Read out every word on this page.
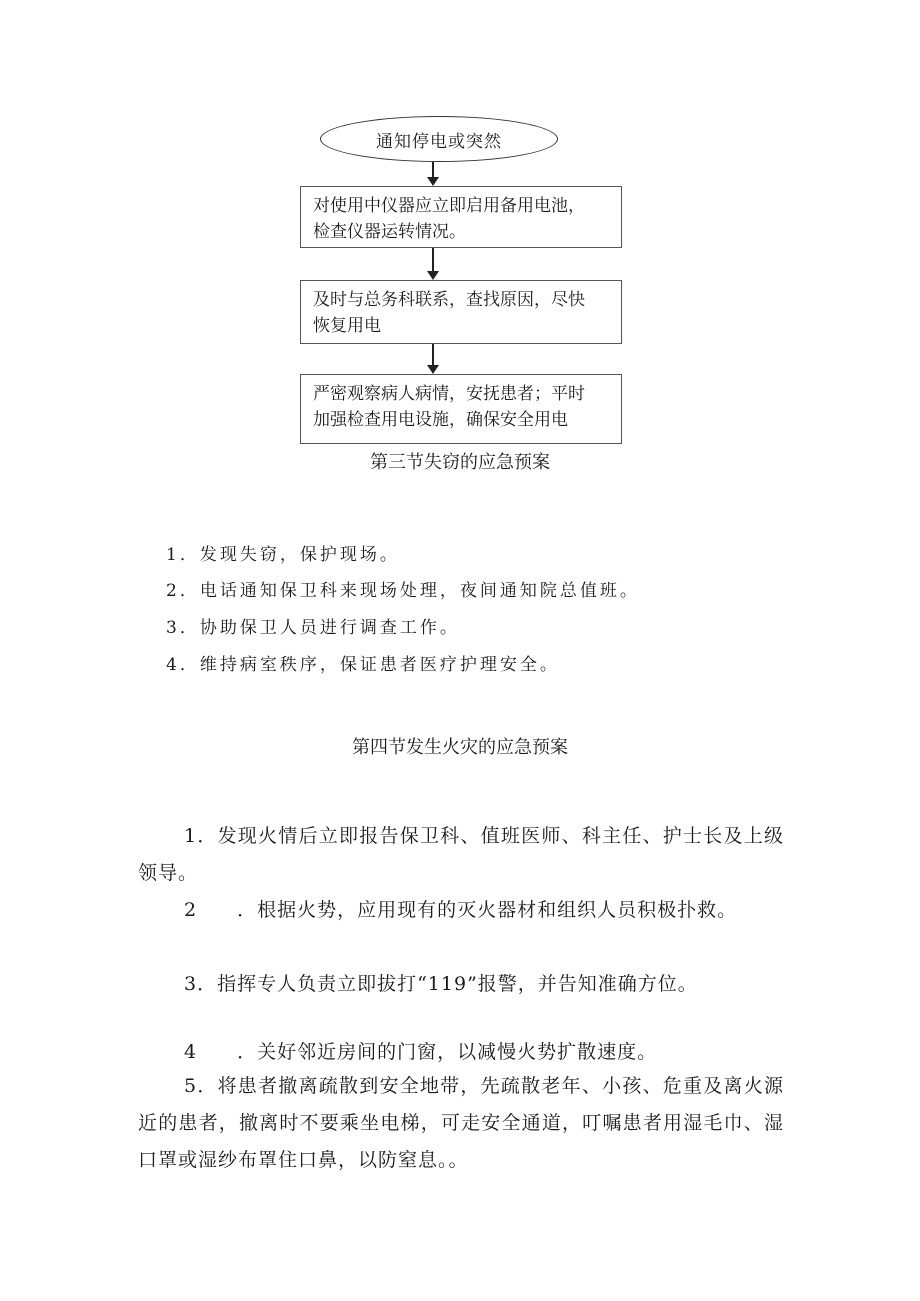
通知停电或突然
对使用中仪器应立即启用备用电池，
检查仪器运转情况。
及时与总务科联系，查找原因，尽快
恢复用电
严密观察病人病情，安抚患者；平时
加强检查用电设施，确保安全用电
第三节失窃的应急预案
1．发现失窃，保护现场。
2．电话通知保卫科来现场处理，夜间通知院总值班。
3．协助保卫人员进行调查工作。
4．维持病室秩序，保证患者医疗护理安全。
第四节发生火灾的应急预案
1．发现火情后立即报告保卫科、值班医师、科主任、护士长及上级领导。
2　　．根据火势，应用现有的灭火器材和组织人员积极扑救。
3．指挥专人负责立即拔打“119”报警，并告知准确方位。
4　　．关好邻近房间的门窗，以减慢火势扩散速度。
5．将患者撤离疏散到安全地带，先疏散老年、小孩、危重及离火源近的患者，撤离时不要乘坐电梯，可走安全通道，叮嘱患者用湿毛巾、湿口罩或湿纱布罩住口鼻，以防窒息。。
